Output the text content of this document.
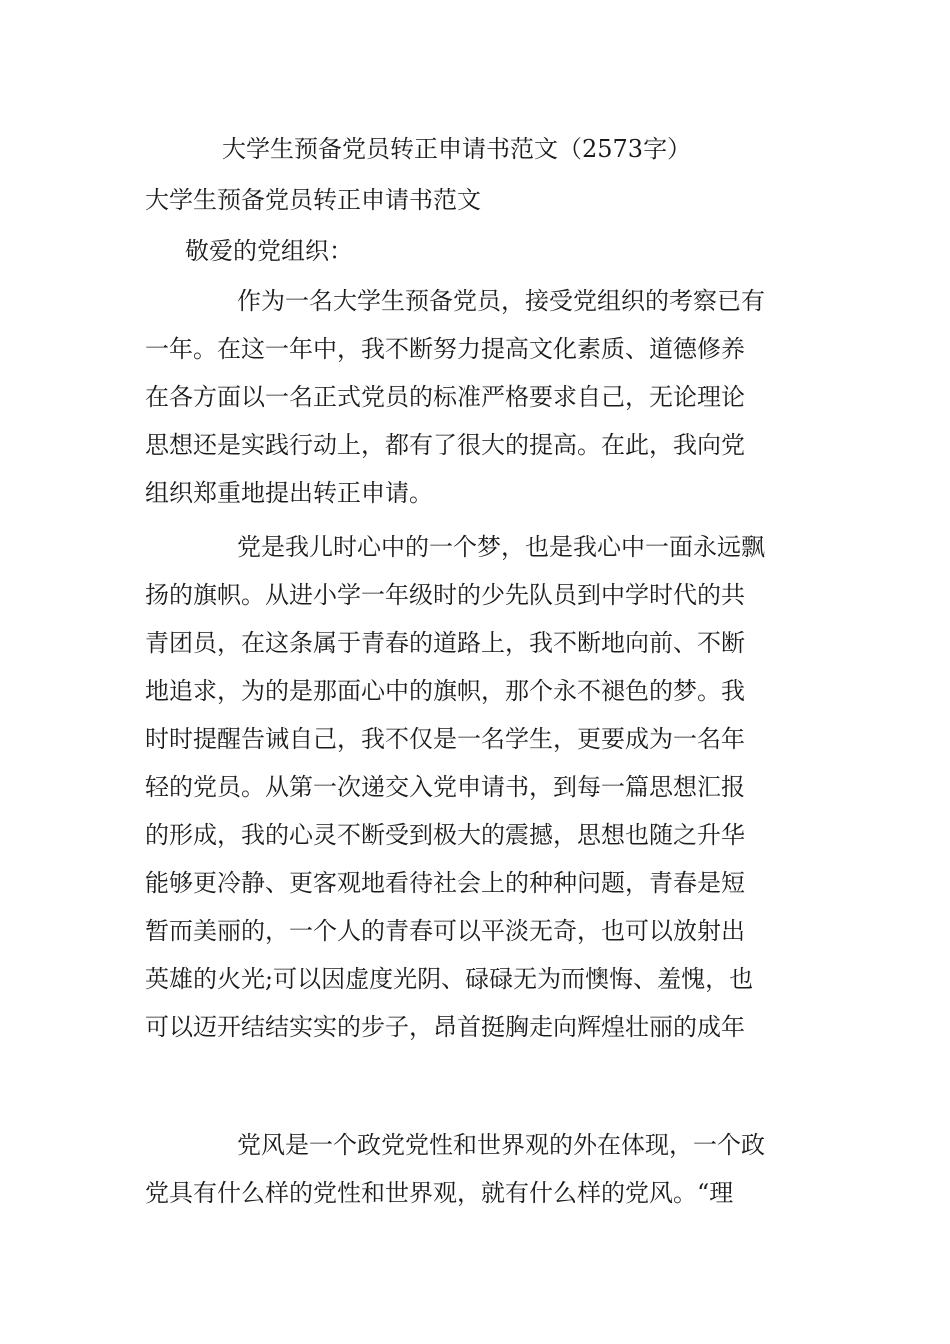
大学生预备党员转正申请书范文（2573字）
大学生预备党员转正申请书范文
敬爱的党组织：
作为一名大学生预备党员，接受党组织的考察已有
一年。在这一年中，我不断努力提高文化素质、道德修养
在各方面以一名正式党员的标准严格要求自己，无论理论
思想还是实践行动上，都有了很大的提高。在此，我向党
组织郑重地提出转正申请。
党是我儿时心中的一个梦，也是我心中一面永远飘
扬的旗帜。从进小学一年级时的少先队员到中学时代的共
青团员，在这条属于青春的道路上，我不断地向前、不断
地追求，为的是那面心中的旗帜，那个永不褪色的梦。我
时时提醒告诫自己，我不仅是一名学生，更要成为一名年
轻的党员。从第一次递交入党申请书，到每一篇思想汇报
的形成，我的心灵不断受到极大的震撼，思想也随之升华
能够更冷静、更客观地看待社会上的种种问题，青春是短
暂而美丽的，一个人的青春可以平淡无奇，也可以放射出
英雄的火光;可以因虚度光阴、碌碌无为而懊悔、羞愧，也
可以迈开结结实实的步子，昂首挺胸走向辉煌壮丽的成年
党风是一个政党党性和世界观的外在体现，一个政
党具有什么样的党性和世界观，就有什么样的党风。“理
